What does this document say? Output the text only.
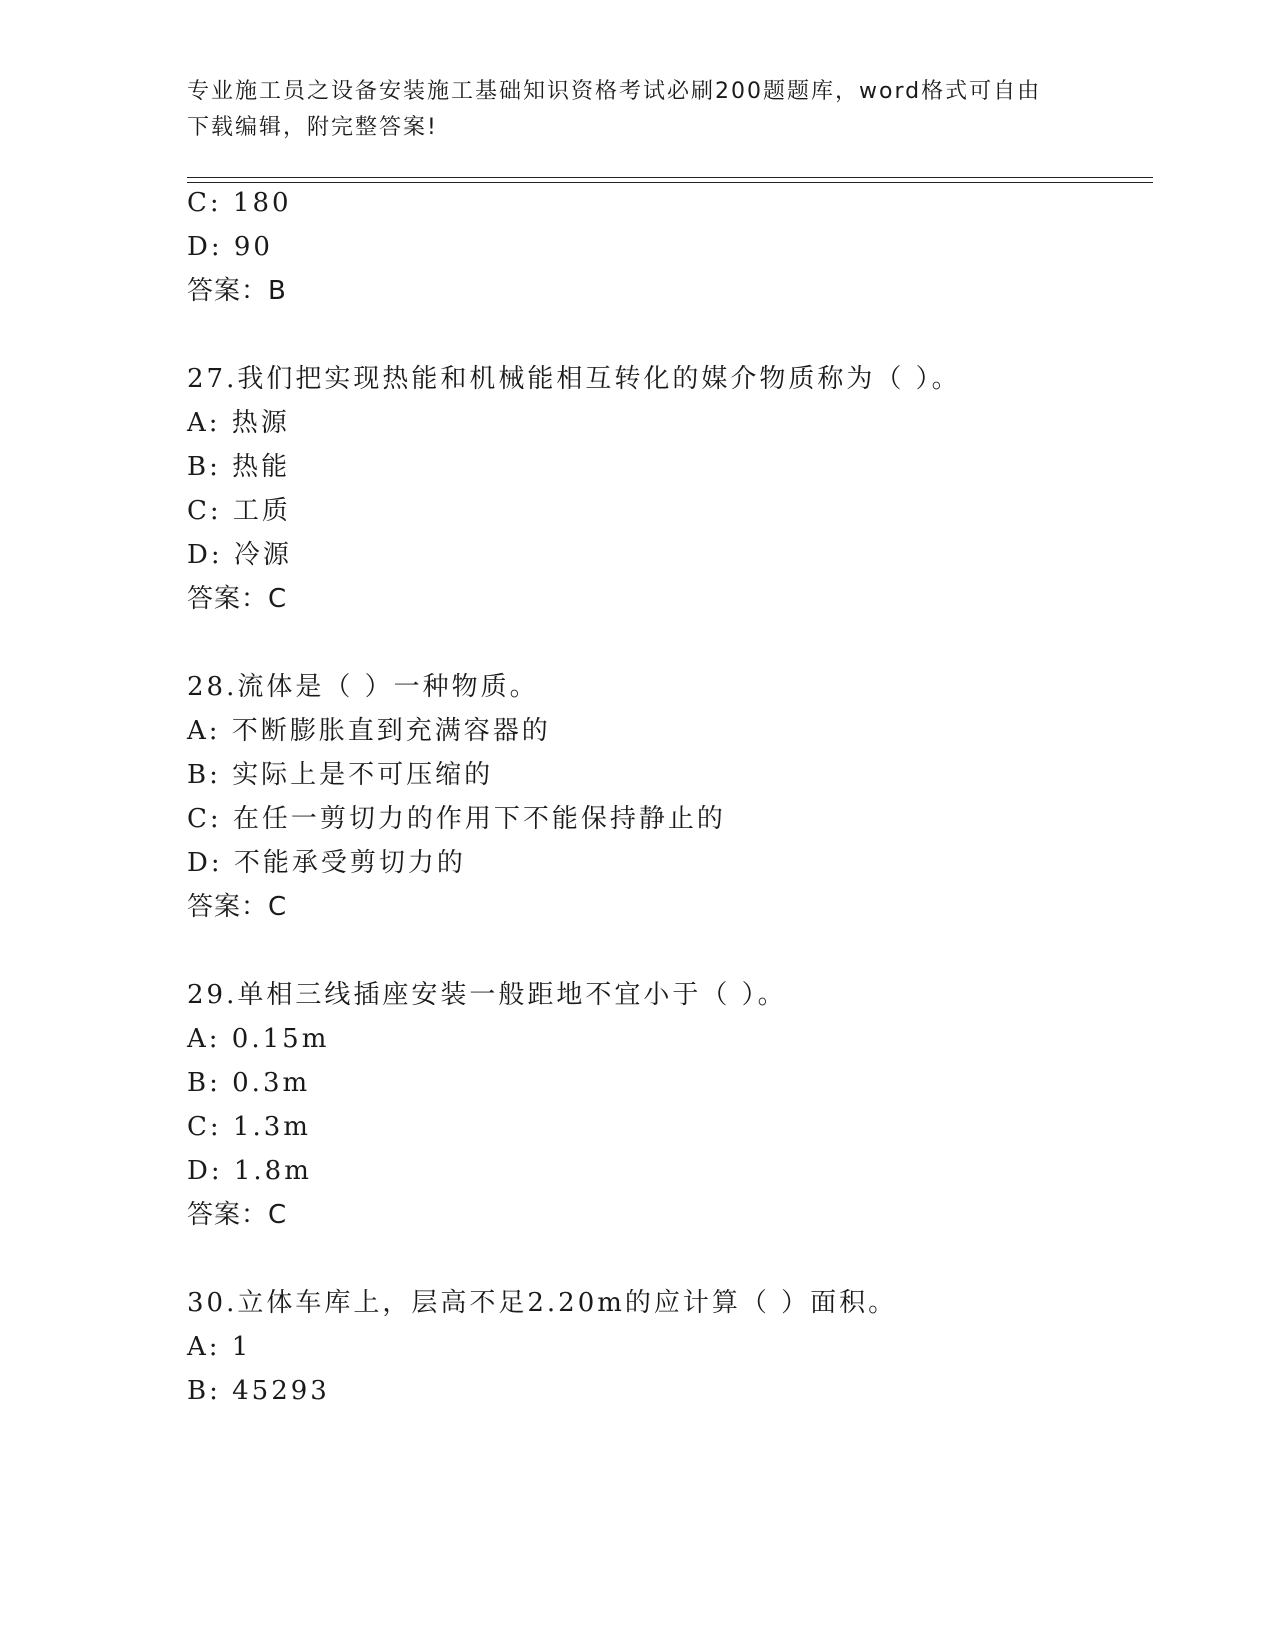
专业施工员之设备安装施工基础知识资格考试必刷200题题库，word格式可自由
下载编辑，附完整答案!
C: 180
D: 90
答案：B
27.我们把实现热能和机械能相互转化的媒介物质称为（ ）。
A: 热源
B: 热能
C: 工质
D: 冷源
答案：C
28.流体是（ ）一种物质。
A: 不断膨胀直到充满容器的
B: 实际上是不可压缩的
C: 在任一剪切力的作用下不能保持静止的
D: 不能承受剪切力的
答案：C
29.单相三线插座安装一般距地不宜小于（ ）。
A: 0.15m
B: 0.3m
C: 1.3m
D: 1.8m
答案：C
30.立体车库上，层高不足2.20m的应计算（ ）面积。
A: 1
B: 45293
